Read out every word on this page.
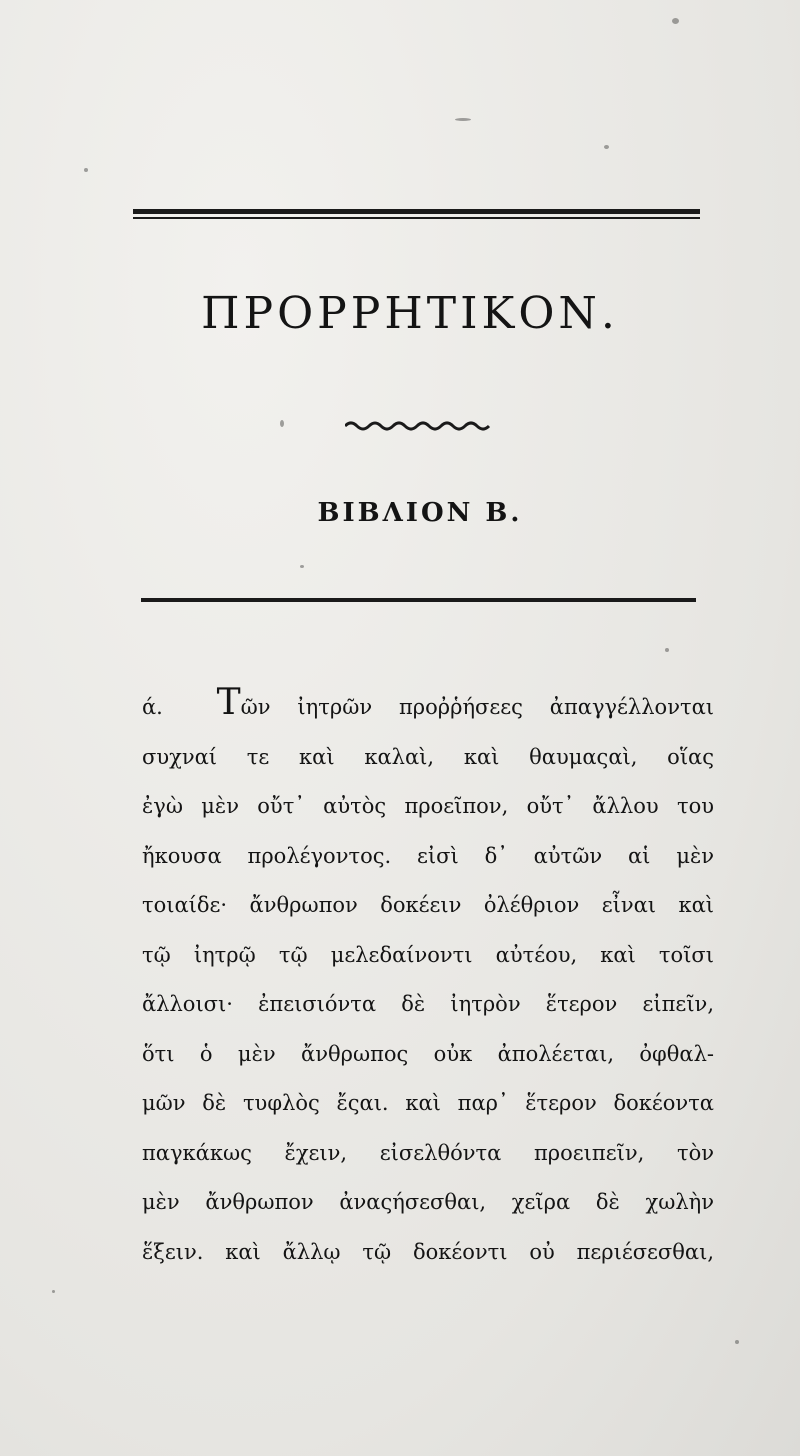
ΠΡΟΡΡΗΤΙΚΟΝ.
ΒΙΒΛΙΟΝ Β.
ά. Τῶν ἰητρῶν προῤῥήσεες ἀπαγγέλλονται
συχναί τε καὶ καλαὶ, καὶ θαυμαςαὶ, οἵας
ἐγὼ μὲν οὔτ᾽ αὐτὸς προεῖπον, οὔτ᾽ ἄλλου του
ἤκουσα προλέγοντος. εἰσὶ δ᾽ αὐτῶν αἱ μὲν
τοιαίδε· ἄνθρωπον δοκέειν ὀλέθριον εἶναι καὶ
τῷ ἰητρῷ τῷ μελεδαίνοντι αὐτέου, καὶ τοῖσι
ἄλλοισι· ἐπεισιόντα δὲ ἰητρὸν ἕτερον εἰπεῖν,
ὅτι ὁ μὲν ἄνθρωπος οὐκ ἀπολέεται, ὀφθαλ-
μῶν δὲ τυφλὸς ἔςαι. καὶ παρ᾽ ἕτερον δοκέοντα
παγκάκως ἔχειν, εἰσελθόντα προειπεῖν, τὸν
μὲν ἄνθρωπον ἀναςήσεσθαι, χεῖρα δὲ χωλὴν
ἕξειν. καὶ ἄλλῳ τῷ δοκέοντι οὐ περιέσεσθαι,
